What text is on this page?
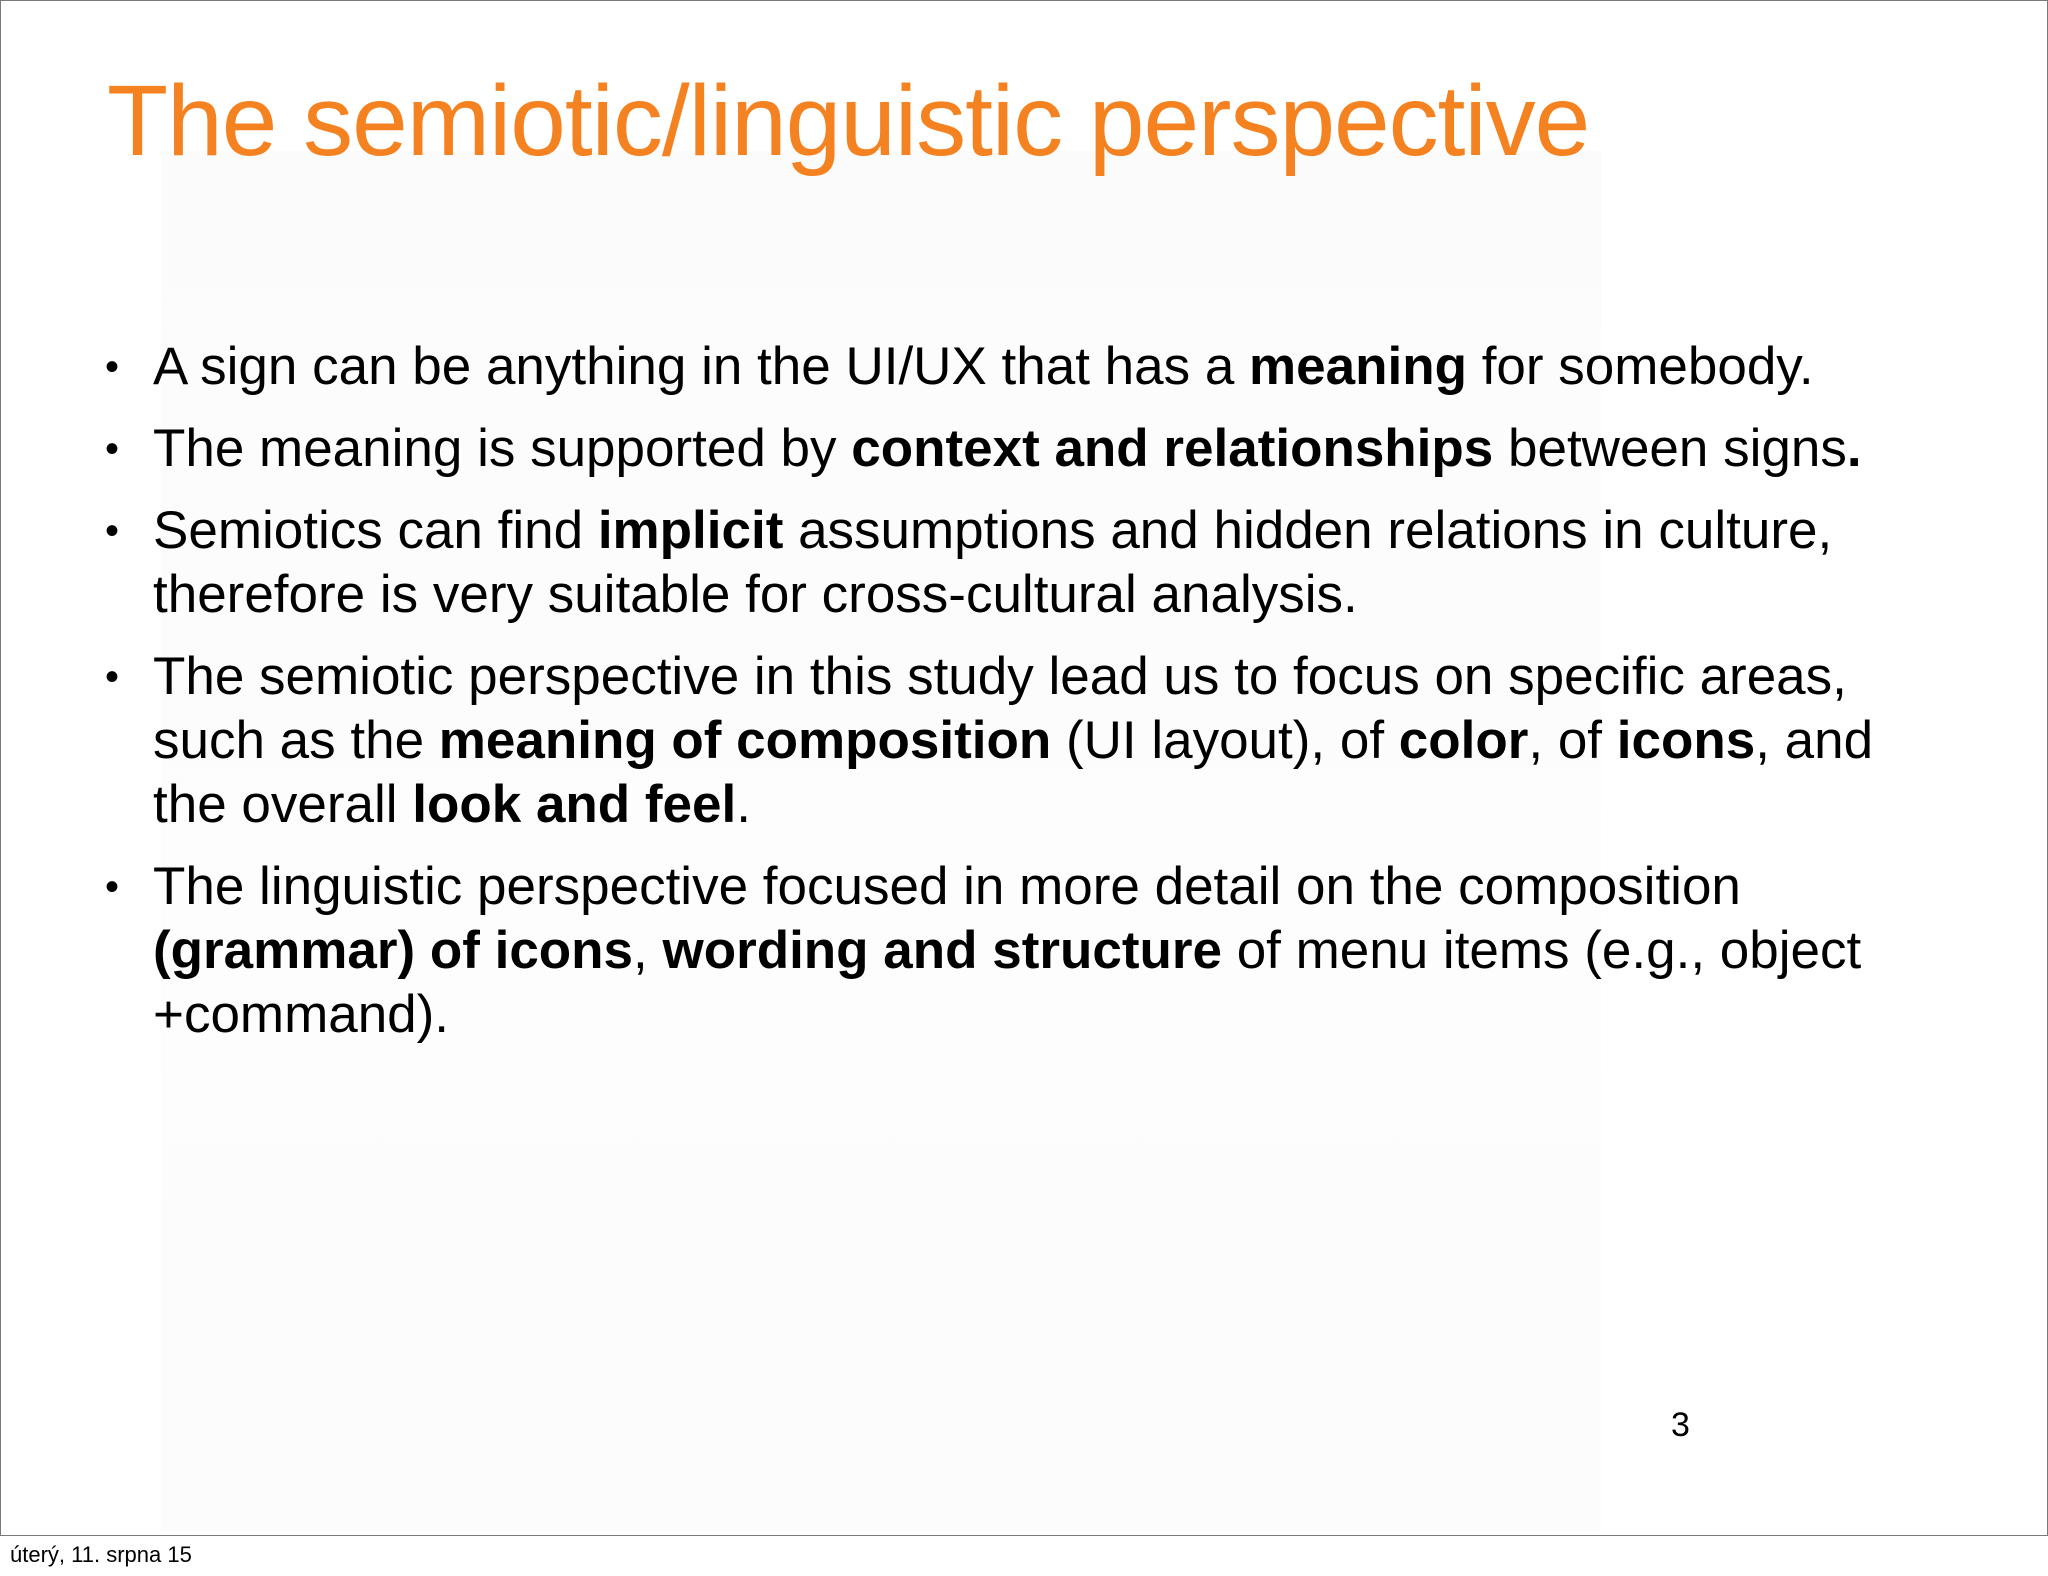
The semiotic/linguistic perspective
• A sign can be anything in the UI/UX that has a meaning for somebody.
• The meaning is supported by context and relationships between signs.
• Semiotics can find implicit assumptions and hidden relations in culture, therefore is very suitable for cross-cultural analysis.
• The semiotic perspective in this study lead us to focus on specific areas, such as the meaning of composition (UI layout), of color, of icons, and the overall look and feel.
• The linguistic perspective focused in more detail on the composition (grammar) of icons, wording and structure of menu items (e.g., object +command).
3
úterý, 11. srpna 15
